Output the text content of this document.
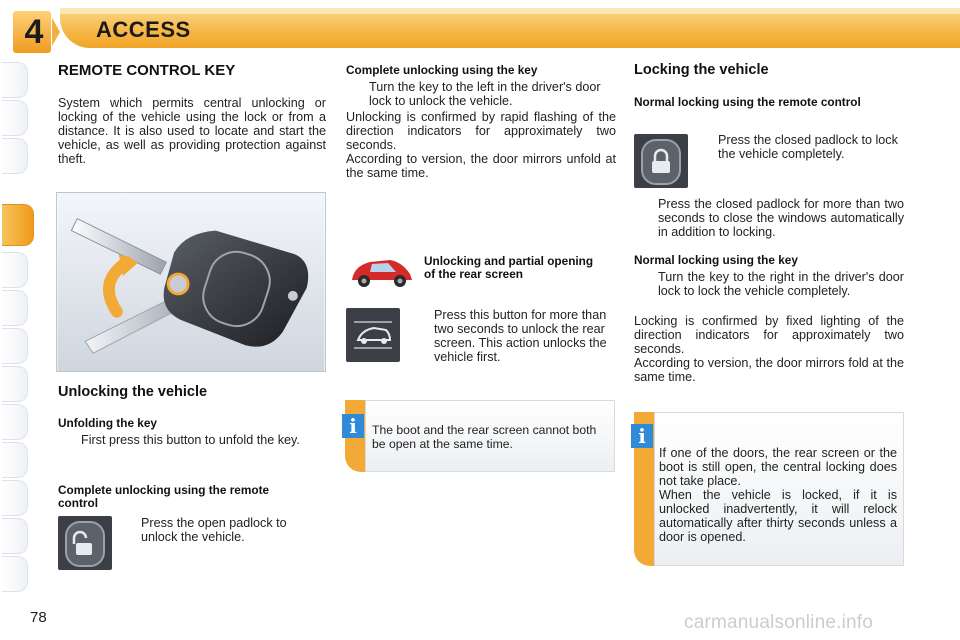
4	ACCESS
REMOTE CONTROL KEY
System which permits central unlocking or locking of the vehicle using the lock or from a distance. It is also used to locate and start the vehicle, as well as providing protection against theft.
Unlocking the vehicle
Unfolding the key
First press this button to unfold the key.
Complete unlocking using the remote control
Press the open padlock to unlock the vehicle.
Complete unlocking using the key
Turn the key to the left in the driver's door lock to unlock the vehicle.
Unlocking is confirmed by rapid flashing of the direction indicators for approximately two seconds.
According to version, the door mirrors unfold at the same time.
Unlocking and partial opening of the rear screen
Press this button for more than two seconds to unlock the rear screen. This action unlocks the vehicle first.
i	The boot and the rear screen cannot both be open at the same time.
Locking the vehicle
Normal locking using the remote control
Press the closed padlock to lock the vehicle completely.
Press the closed padlock for more than two seconds to close the windows automatically in addition to locking.
Normal locking using the key
Turn the key to the right in the driver's door lock to lock the vehicle completely.
Locking is confirmed by fixed lighting of the direction indicators for approximately two seconds.
According to version, the door mirrors fold at the same time.
i
If one of the doors, the rear screen or the boot is still open, the central locking does not take place.
When the vehicle is locked, if it is unlocked inadvertently, it will relock automatically after thirty seconds unless a door is opened.
78	carmanualsonline.info
